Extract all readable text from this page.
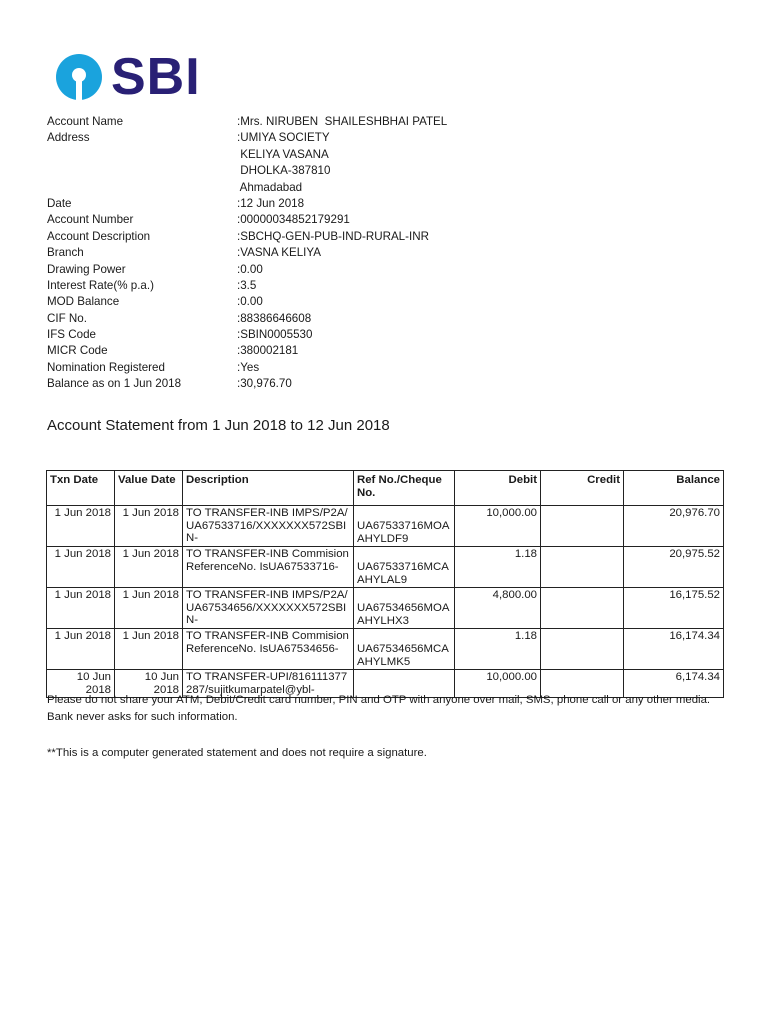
SBI
Account Name	:Mrs. NIRUBEN  SHAILESHBHAI PATEL
Address	:UMIYA SOCIETY
KELIYA VASANA
DHOLKA-387810
Ahmadabad
Date	:12 Jun 2018
Account Number	:00000034852179291
Account Description	:SBCHQ-GEN-PUB-IND-RURAL-INR
Branch	:VASNA KELIYA
Drawing Power	:0.00
Interest Rate(% p.a.)	:3.5
MOD Balance	:0.00
CIF No.	:88386646608
IFS Code	:SBIN0005530
MICR Code	:380002181
Nomination Registered	:Yes
Balance as on 1 Jun 2018	:30,976.70
Account Statement from 1 Jun 2018 to 12 Jun 2018
Txn Date	Value Date	Description	Ref No./Cheque No.	Debit	Credit	Balance
1 Jun 2018	1 Jun 2018	TO TRANSFER-INB IMPS/P2A/UA67533716/XXXXXXX572SBIN-	UA67533716MOAAHYLDF9	10,000.00		20,976.70
1 Jun 2018	1 Jun 2018	TO TRANSFER-INB Commision ReferenceNo. IsUA67533716-	UA67533716MCAAHYLAL9	1.18		20,975.52
1 Jun 2018	1 Jun 2018	TO TRANSFER-INB IMPS/P2A/UA67534656/XXXXXXX572SBIN-	UA67534656MOAAHYLHX3	4,800.00		16,175.52
1 Jun 2018	1 Jun 2018	TO TRANSFER-INB Commision ReferenceNo. IsUA67534656-	UA67534656MCAAHYLMK5	1.18		16,174.34
10 Jun 2018	10 Jun 2018	TO TRANSFER-UPI/816111377287/sujitkumarpatel@ybl-		10,000.00		6,174.34
Please do not share your ATM, Debit/Credit card number, PIN and OTP with anyone over mail, SMS, phone call or any other media. Bank never asks for such information.
**This is a computer generated statement and does not require a signature.
